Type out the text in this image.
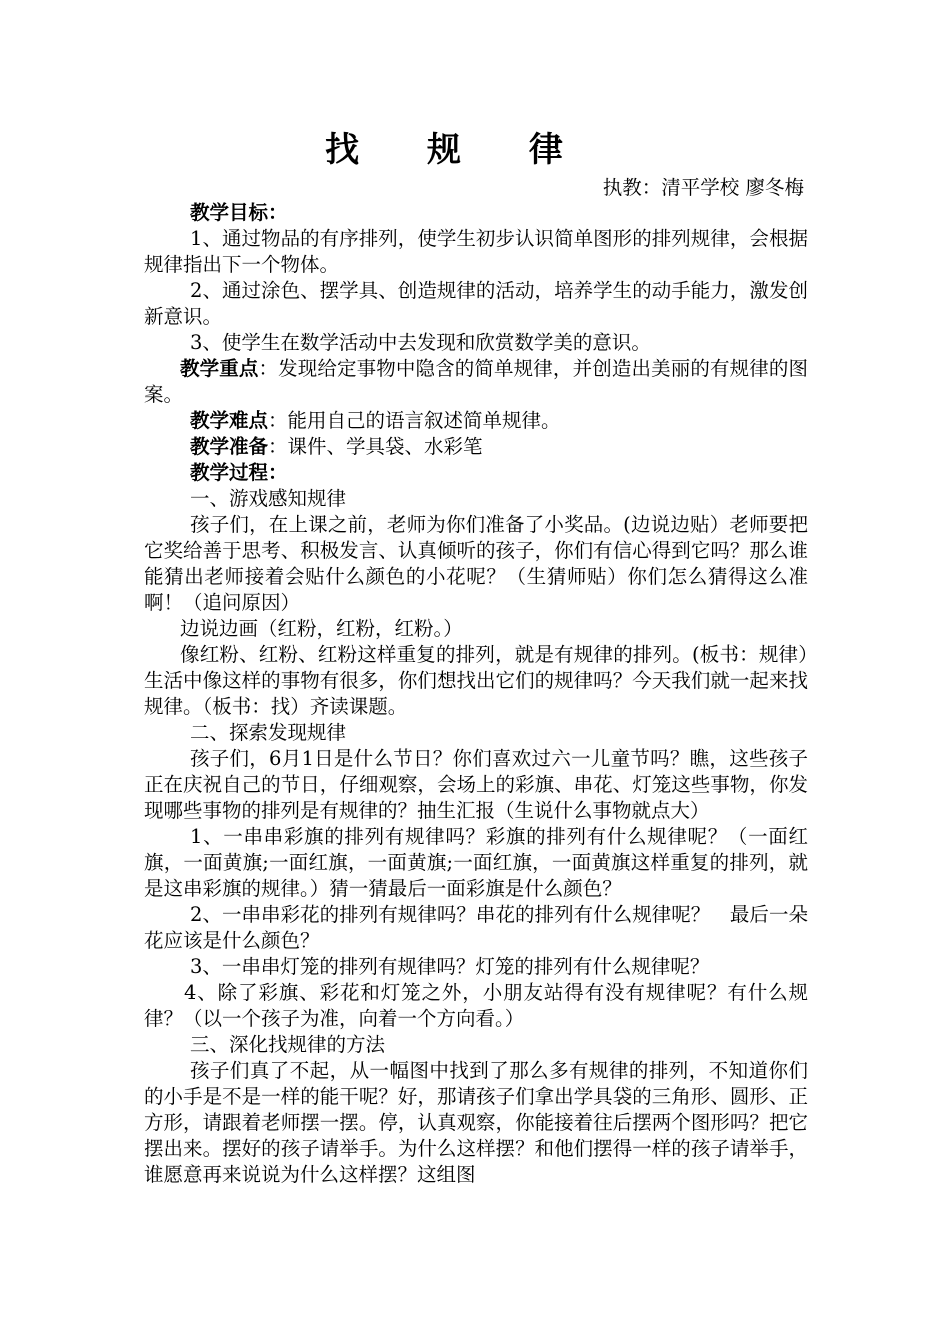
找 规 律
执教：清平学校 廖冬梅

教学目标：

1、通过物品的有序排列，使学生初步认识简单图形的排列规律，会根据规律指出下一个物体。

2、通过涂色、摆学具、创造规律的活动，培养学生的动手能力，激发创新意识。

3、使学生在数学活动中去发现和欣赏数学美的意识。

教学重点：发现给定事物中隐含的简单规律，并创造出美丽的有规律的图案。

教学难点：能用自己的语言叙述简单规律。

教学准备：课件、学具袋、水彩笔

教学过程：

一、游戏感知规律

孩子们，在上课之前，老师为你们准备了小奖品。(边说边贴）老师要把它奖给善于思考、积极发言、认真倾听的孩子，你们有信心得到它吗？那么谁能猜出老师接着会贴什么颜色的小花呢？（生猜师贴）你们怎么猜得这么准啊！（追问原因）

边说边画（红粉，红粉，红粉。）

像红粉、红粉、红粉这样重复的排列，就是有规律的排列。(板书：规律）生活中像这样的事物有很多，你们想找出它们的规律吗？今天我们就一起来找规律。（板书：找）齐读课题。

二、探索发现规律

孩子们，6月1日是什么节日？你们喜欢过六一儿童节吗？瞧，这些孩子正在庆祝自己的节日，仔细观察，会场上的彩旗、串花、灯笼这些事物，你发现哪些事物的排列是有规律的？抽生汇报（生说什么事物就点大）

1、一串串彩旗的排列有规律吗？彩旗的排列有什么规律呢？（一面红旗，一面黄旗;一面红旗，一面黄旗;一面红旗，一面黄旗这样重复的排列，就是这串彩旗的规律。）猜一猜最后一面彩旗是什么颜色？

2、一串串彩花的排列有规律吗？串花的排列有什么规律呢？　最后一朵花应该是什么颜色？

3、一串串灯笼的排列有规律吗？灯笼的排列有什么规律呢？

4、除了彩旗、彩花和灯笼之外，小朋友站得有没有规律呢？有什么规律？（以一个孩子为准，向着一个方向看。）

三、深化找规律的方法

孩子们真了不起，从一幅图中找到了那么多有规律的排列，不知道你们的小手是不是一样的能干呢？好，那请孩子们拿出学具袋的三角形、圆形、正方形，请跟着老师摆一摆。停，认真观察，你能接着往后摆两个图形吗？把它摆出来。摆好的孩子请举手。为什么这样摆？和他们摆得一样的孩子请举手，谁愿意再来说说为什么这样摆？这组图
